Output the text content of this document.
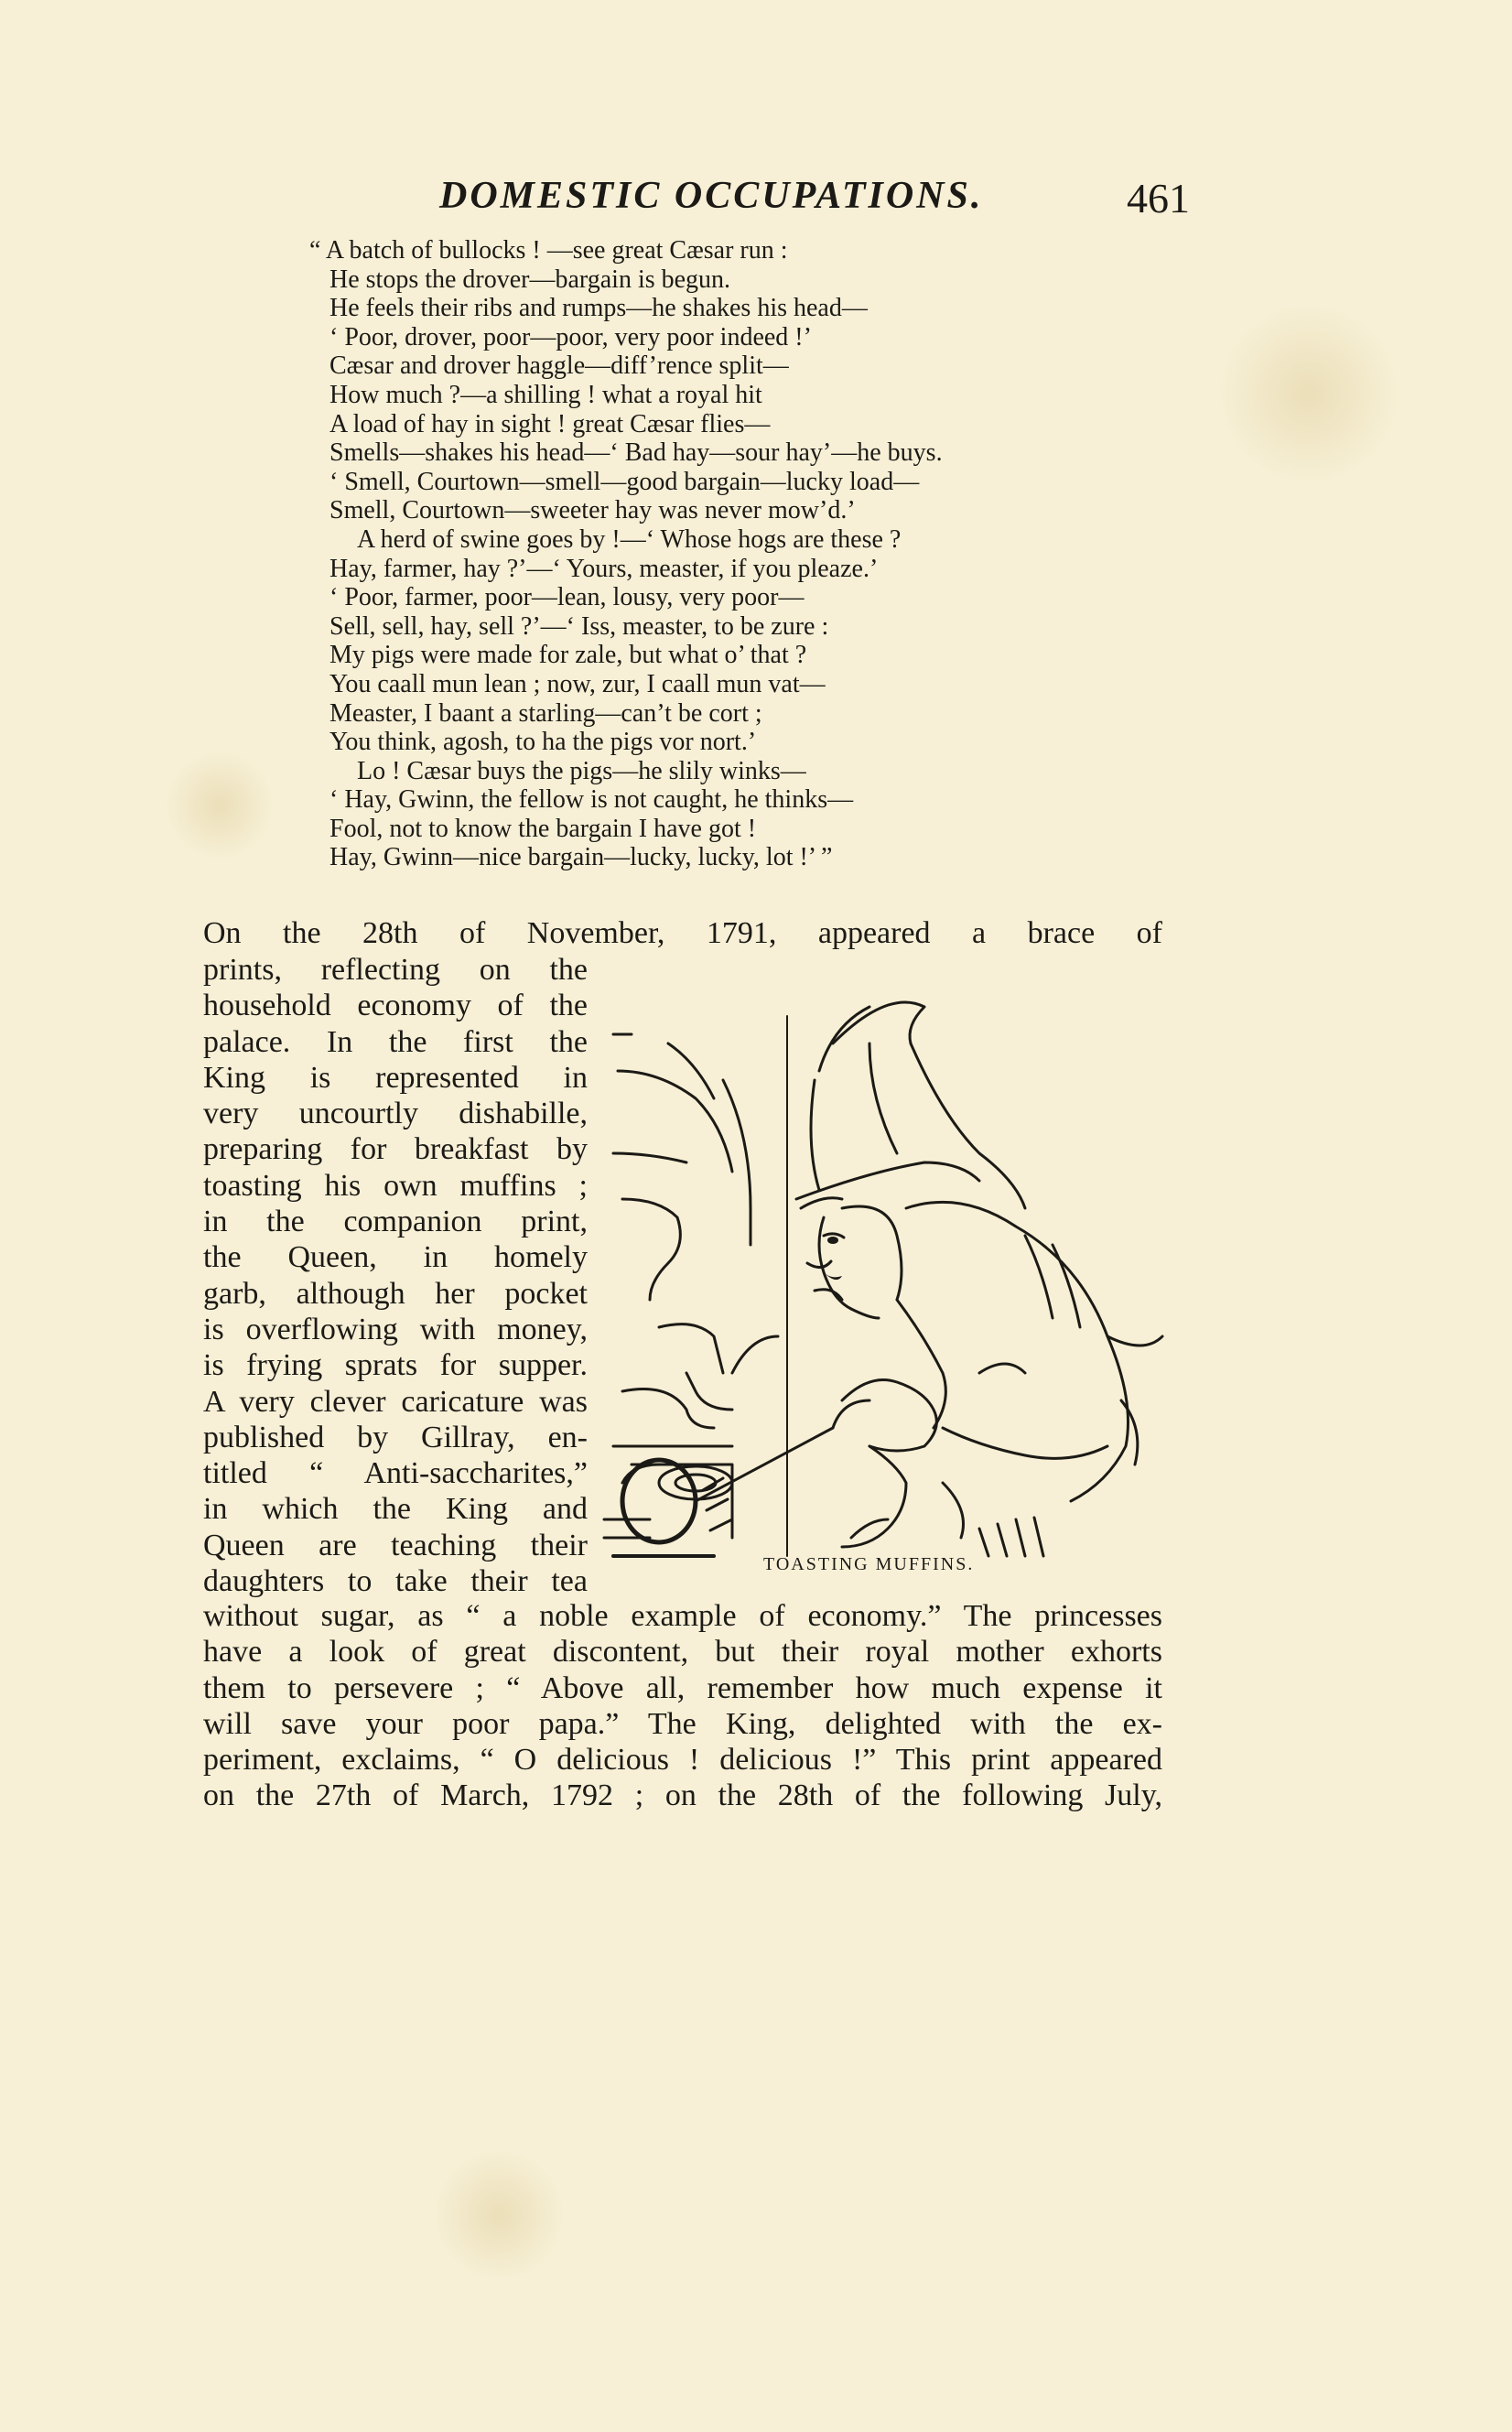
DOMESTIC OCCUPATIONS.	461
“ A batch of bullocks ! —see great Cæsar run :
He stops the drover—bargain is begun.
He feels their ribs and rumps—he shakes his head—
‘ Poor, drover, poor—poor, very poor indeed !’
Cæsar and drover haggle—diff’rence split—
How much ?—a shilling ! what a royal hit
A load of hay in sight ! great Cæsar flies—
Smells—shakes his head—‘ Bad hay—sour hay’—he buys.
‘ Smell, Courtown—smell—good bargain—lucky load—
Smell, Courtown—sweeter hay was never mow’d.’
A herd of swine goes by !—‘ Whose hogs are these ?
Hay, farmer, hay ?’—‘ Yours, measter, if you pleaze.’
‘ Poor, farmer, poor—lean, lousy, very poor—
Sell, sell, hay, sell ?’—‘ Iss, measter, to be zure :
My pigs were made for zale, but what o’ that ?
You caall mun lean ; now, zur, I caall mun vat—
Measter, I baant a starling—can’t be cort ;
You think, agosh, to ha the pigs vor nort.’
Lo ! Cæsar buys the pigs—he slily winks—
‘ Hay, Gwinn, the fellow is not caught, he thinks—
Fool, not to know the bargain I have got !
Hay, Gwinn—nice bargain—lucky, lucky, lot !’ ”
On the 28th of November, 1791, appeared a brace of
prints, reflecting on the
household economy of the
palace. In the first the
King is represented in
very uncourtly dishabille,
preparing for breakfast by
toasting his own muffins ;
in the companion print,
the Queen, in homely
garb, although her pocket
is overflowing with money,
is frying sprats for supper.
A very clever caricature was
published by Gillray, en-
titled “ Anti-saccharites,”
in which the King and
Queen are teaching their
daughters to take their tea
TOASTING MUFFINS.
without sugar, as “ a noble example of economy.” The princesses
have a look of great discontent, but their royal mother exhorts
them to persevere ; “ Above all, remember how much expense it
will save your poor papa.” The King, delighted with the ex-
periment, exclaims, “ O delicious ! delicious !” This print appeared
on the 27th of March, 1792 ; on the 28th of the following July,
